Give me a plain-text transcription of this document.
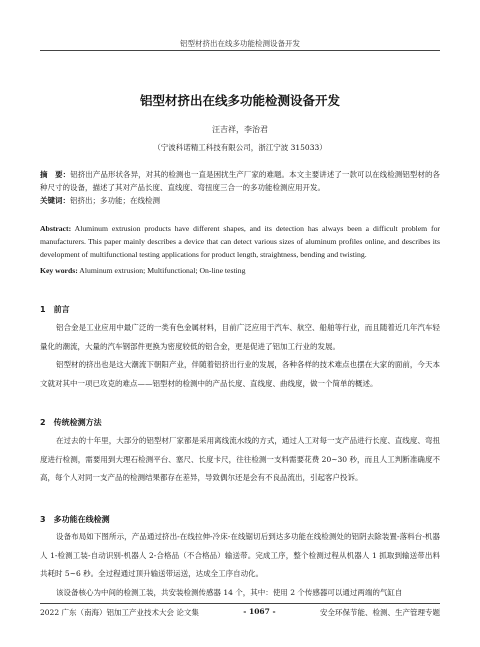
铝型材挤出在线多功能检测设备开发
铝型材挤出在线多功能检测设备开发
汪吉祥，李治君
（宁波科诺精工科技有限公司，浙江宁波 315033）
摘　要：铝挤出产品形状各异，对其的检测也一直是困扰生产厂家的难题。本文主要讲述了一款可以在线检测铝型材的各种尺寸的设备，描述了其对产品长度、直线度、弯扭度三合一的多功能检测应用开发。
关键词：铝挤出；多功能；在线检测
Abstract: Aluminum extrusion products have different shapes, and its detection has always been a difficult problem for manufacturers. This paper mainly describes a device that can detect various sizes of aluminum profiles online, and describes its development of multifunctional testing applications for product length, straightness, bending and twisting.
Key words: Aluminum extrusion; Multifunctional; On-line testing
1　前言

铝合金是工业应用中最广泛的一类有色金属材料，目前广泛应用于汽车、航空、船舶等行业，而且随着近几年汽车轻量化的潮流，大量的汽车钢部件更换为密度较低的铝合金，更是促进了铝加工行业的发展。

铝型材的挤出也是这大潮流下朝阳产业，伴随着铝挤出行业的发展，各种各样的技术难点也摆在大家的面前，今天本文就对其中一项已攻克的难点——铝型材的检测中的产品长度、直线度、曲线度，做一个简单的概述。

2　传统检测方法

在过去的十年里，大部分的铝型材厂家都是采用离线流水线的方式，通过人工对每一支产品进行长度、直线度、弯扭度进行检测，需要用到大理石检测平台、塞尺、长度卡尺，往往检测一支料需要花费 20~30 秒，而且人工判断准确度不高，每个人对同一支产品的检测结果都存在差异，导致偶尔还是会有不良品流出，引起客户投诉。

3　多功能在线检测

设备布局如下图所示，产品通过挤出-在线拉伸-冷床-在线锯切后到达多功能在线检测处的铝阴去除装置-落料台-机器人 1-检测工装-自动识别-机器人 2-合格品（不合格品）输送带。完成工序，整个检测过程从机器人 1 抓取到输送带出料共耗时 5~6 秒。全过程通过顶升输送带运送，达成全工序自动化。

该设备核心为中间的检测工装，共安装检测传感器 14 个，其中：使用 2 个传感器可以通过两端的气缸自

2022 广东（南海）铝加工产业技术大会 论文集	- 1067 -	安全环保节能、检测、生产管理专题
